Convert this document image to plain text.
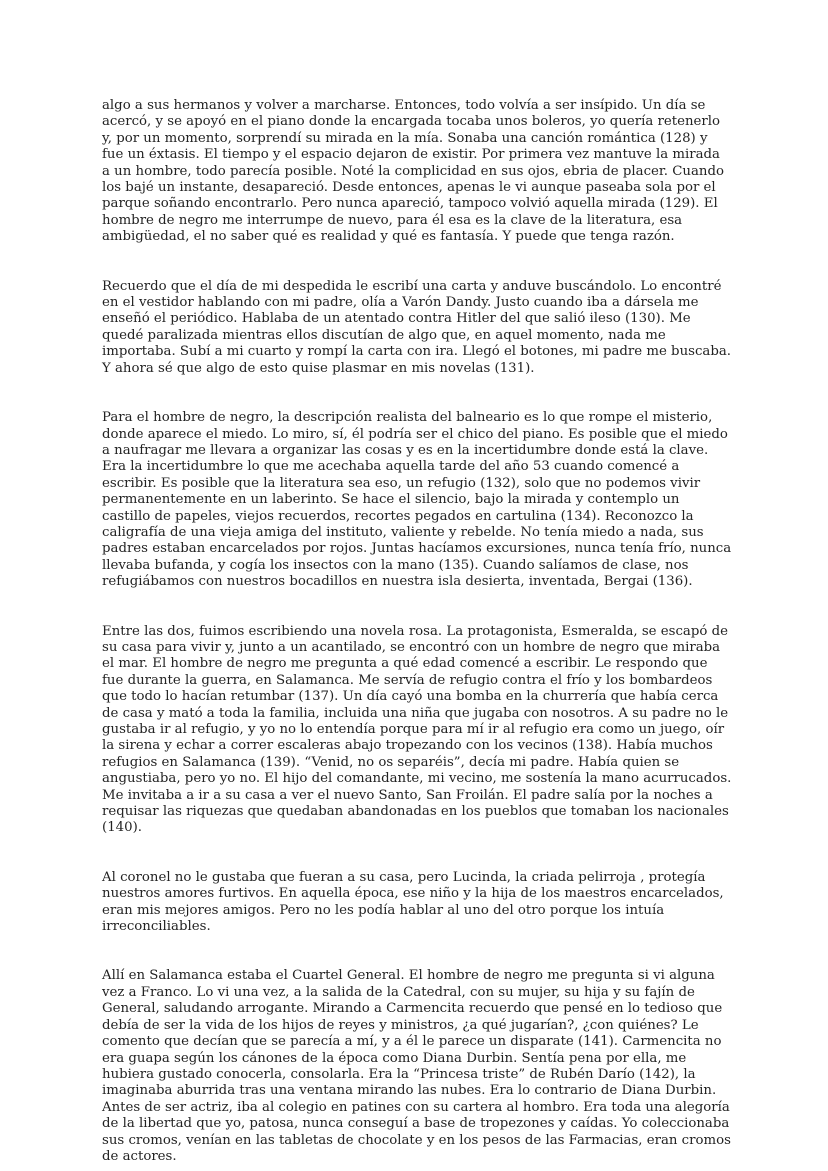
algo a sus hermanos y volver a marcharse. Entonces, todo volvía a ser insípido. Un día se acercó, y se apoyó en el piano donde la encargada tocaba unos boleros, yo quería retenerlo y, por un momento, sorprendí su mirada en la mía. Sonaba una canción romántica (128) y fue un éxtasis. El tiempo y el espacio dejaron de existir. Por primera vez mantuve la mirada a un hombre, todo parecía posible. Noté la complicidad en sus ojos, ebria de placer. Cuando los bajé un instante, desapareció. Desde entonces, apenas le vi aunque paseaba sola por el parque soñando encontrarlo. Pero nunca apareció, tampoco volvió aquella mirada (129). El hombre de negro me interrumpe de nuevo, para él esa es la clave de la literatura, esa ambigüedad, el no saber qué es realidad y qué es fantasía. Y puede que tenga razón.

Recuerdo que el día de mi despedida le escribí una carta y anduve buscándolo. Lo encontré en el vestidor hablando con mi padre, olía a Varón Dandy. Justo cuando iba a dársela me enseñó el periódico. Hablaba de un atentado contra Hitler del que salió ileso (130). Me quedé paralizada mientras ellos discutían de algo que, en aquel momento, nada me importaba. Subí a mi cuarto y rompí la carta con ira. Llegó el botones, mi padre me buscaba. Y ahora sé que algo de esto quise plasmar en mis novelas (131).

Para el hombre de negro, la descripción realista del balneario es lo que rompe el misterio, donde aparece el miedo. Lo miro, sí, él podría ser el chico del piano. Es posible que el miedo a naufragar me llevara a organizar las cosas y es en la incertidumbre donde está la clave. Era la incertidumbre lo que me acechaba aquella tarde del año 53 cuando comencé a escribir. Es posible que la literatura sea eso, un refugio (132), solo que no podemos vivir permanentemente en un laberinto. Se hace el silencio, bajo la mirada y contemplo un castillo de papeles, viejos recuerdos, recortes pegados en cartulina (134). Reconozco la caligrafía de una vieja amiga del instituto, valiente y rebelde. No tenía miedo a nada, sus padres estaban encarcelados por rojos. Juntas hacíamos excursiones, nunca tenía frío, nunca llevaba bufanda, y cogía los insectos con la mano (135). Cuando salíamos de clase, nos refugiábamos con nuestros bocadillos en nuestra isla desierta, inventada, Bergai (136).

Entre las dos, fuimos escribiendo una novela rosa. La protagonista, Esmeralda, se escapó de su casa para vivir y, junto a un acantilado, se encontró con un hombre de negro que miraba el mar. El hombre de negro me pregunta a qué edad comencé a escribir. Le respondo que fue durante la guerra, en Salamanca. Me servía de refugio contra el frío y los bombardeos que todo lo hacían retumbar (137). Un día cayó una bomba en la churrería que había cerca de casa y mató a toda la familia, incluida una niña que jugaba con nosotros. A su padre no le gustaba ir al refugio, y yo no lo entendía porque para mí ir al refugio era como un juego, oír la sirena y echar a correr escaleras abajo tropezando con los vecinos (138). Había muchos refugios en Salamanca (139). “Venid, no os separéis”, decía mi padre. Había quien se angustiaba, pero yo no. El hijo del comandante, mi vecino, me sostenía la mano acurrucados. Me invitaba a ir a su casa a ver el nuevo Santo, San Froilán. El padre salía por la noches a requisar las riquezas que quedaban abandonadas en los pueblos que tomaban los nacionales (140).

Al coronel no le gustaba que fueran a su casa, pero Lucinda, la criada pelirroja , protegía nuestros amores furtivos. En aquella época, ese niño y la hija de los maestros encarcelados, eran mis mejores amigos. Pero no les podía hablar al uno del otro porque los intuía irreconciliables.

Allí en Salamanca estaba el Cuartel General. El hombre de negro me pregunta si vi alguna vez a Franco. Lo vi una vez, a la salida de la Catedral, con su mujer, su hija y su fajín de General, saludando arrogante. Mirando a Carmencita recuerdo que pensé en lo tedioso que debía de ser la vida de los hijos de reyes y ministros, ¿a qué jugarían?, ¿con quiénes? Le comento que decían que se parecía a mí, y a él le parece un disparate (141). Carmencita no era guapa según los cánones de la época como Diana Durbin. Sentía pena por ella, me hubiera gustado conocerla, consolarla. Era la “Princesa triste” de Rubén Darío (142), la imaginaba aburrida tras una ventana mirando las nubes. Era lo contrario de Diana Durbin. Antes de ser actriz, iba al colegio en patines con su cartera al hombro. Era toda una alegoría de la libertad que yo, patosa, nunca conseguí a base de tropezones y caídas. Yo coleccionaba sus cromos, venían en las tabletas de chocolate y en los pesos de las Farmacias, eran cromos de actores.
